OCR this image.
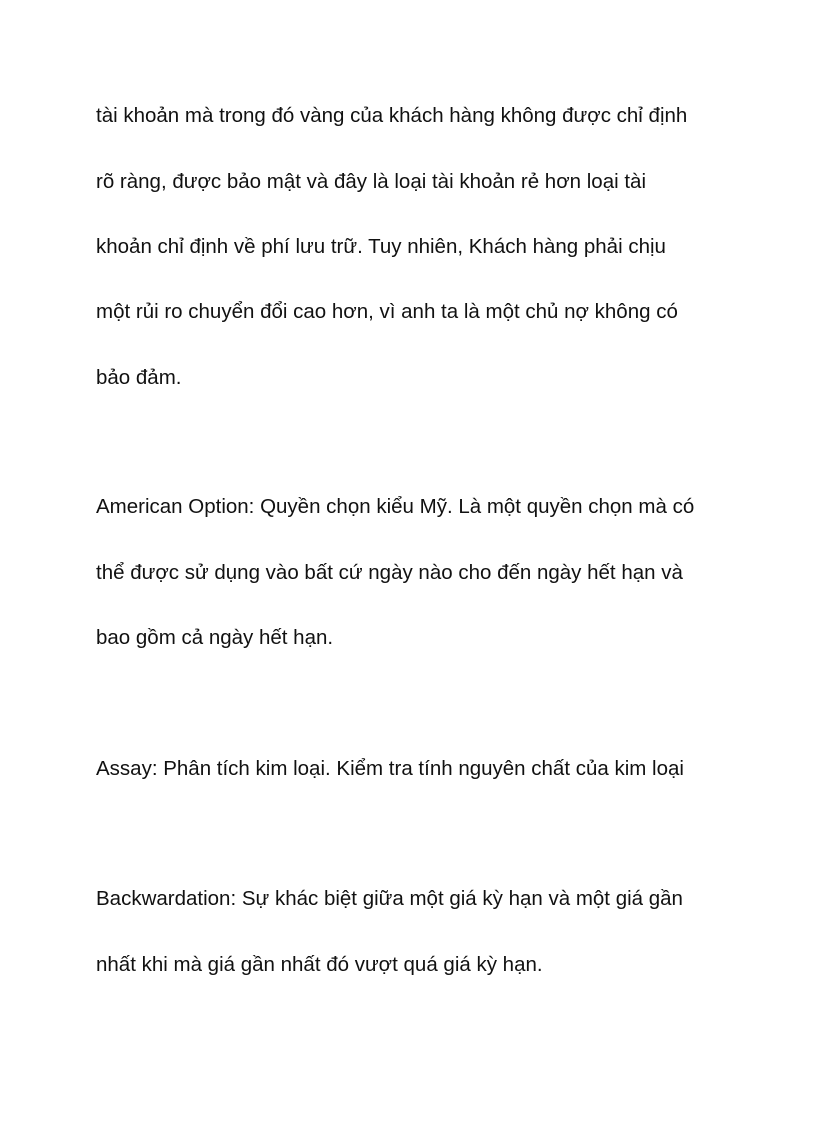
tài khoản mà trong đó vàng của khách hàng không được chỉ định

rõ ràng, được bảo mật và đây là loại tài khoản rẻ hơn loại tài

khoản chỉ định về phí lưu trữ. Tuy nhiên, Khách hàng phải chịu

một rủi ro chuyển đổi cao hơn, vì anh ta là một chủ nợ không có

bảo đảm.

American Option: Quyền chọn kiểu Mỹ. Là một quyền chọn mà có

thể được sử dụng vào bất cứ ngày nào cho đến ngày hết hạn và

bao gồm cả ngày hết hạn.

Assay: Phân tích kim loại. Kiểm tra tính nguyên chất của kim loại

Backwardation: Sự khác biệt giữa một giá kỳ hạn và một giá gần

nhất khi mà giá gần nhất đó vượt quá giá kỳ hạn.
